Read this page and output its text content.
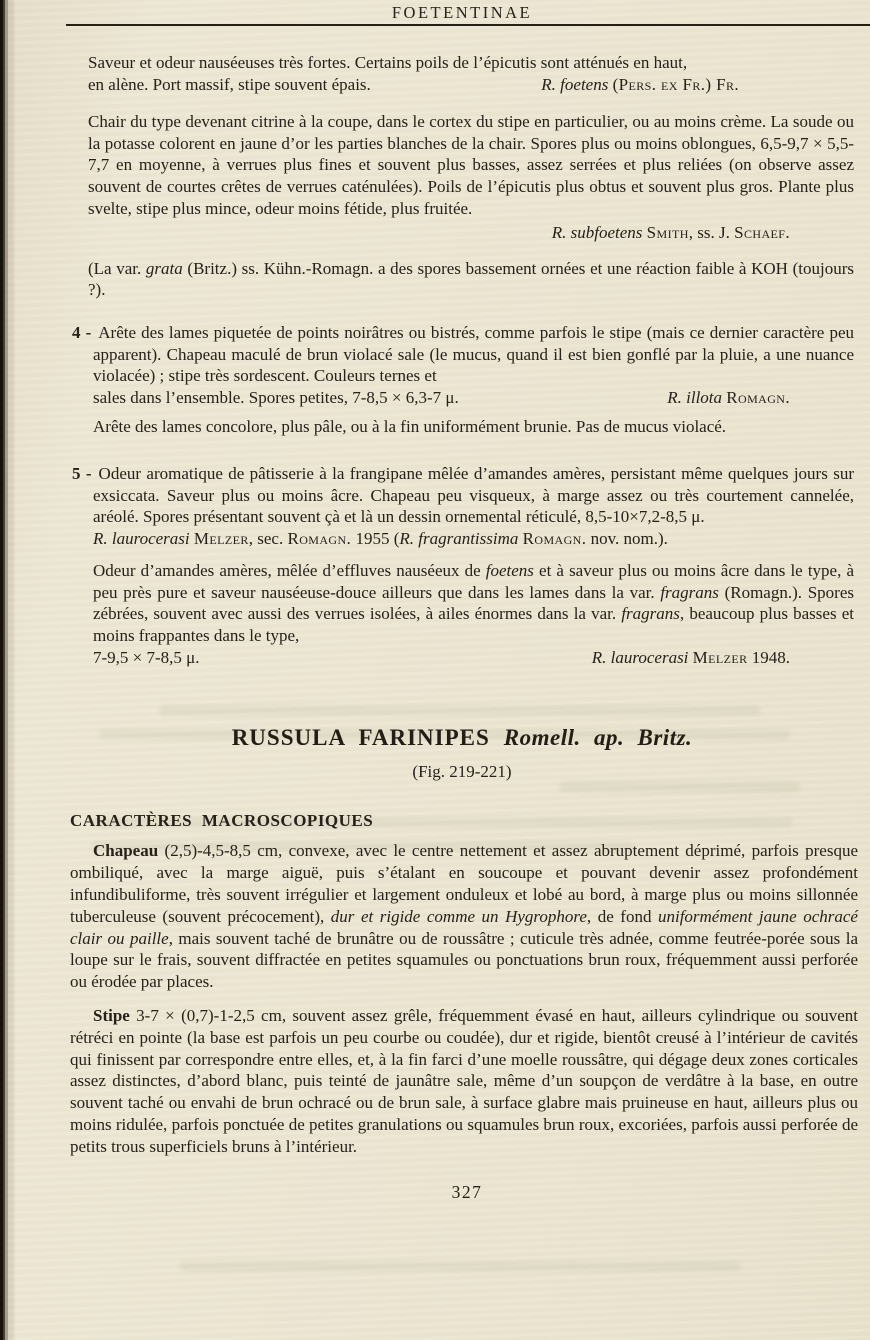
FOETENTINAE
Saveur et odeur nauséeuses très fortes. Certains poils de l’épicutis sont atténués en haut,
en alène. Port massif, stipe souvent épais.	R. foetens (Pers. ex Fr.) Fr.
Chair du type devenant citrine à la coupe, dans le cortex du stipe en particulier, ou au moins crème. La soude ou la potasse colorent en jaune d’or les parties blanches de la chair. Spores plus ou moins oblongues, 6,5-9,7 × 5,5-7,7 en moyenne, à verrues plus fines et souvent plus basses, assez serrées et plus reliées (on observe assez souvent de courtes crêtes de verrues caténulées). Poils de l’épicutis plus obtus et souvent plus gros. Plante plus svelte, stipe plus mince, odeur moins fétide, plus fruitée.
R. subfoetens Smith, ss. J. Schaef.
(La var. grata (Britz.) ss. Kühn.-Romagn. a des spores bassement ornées et une réaction faible à KOH (toujours ?).
4 - Arête des lames piquetée de points noirâtres ou bistrés, comme parfois le stipe (mais ce dernier caractère peu apparent). Chapeau maculé de brun violacé sale (le mucus, quand il est bien gonflé par la pluie, a une nuance violacée) ; stipe très sordescent. Couleurs ternes et
sales dans l’ensemble. Spores petites, 7-8,5 × 6,3-7 μ.	R. illota Romagn.
Arête des lames concolore, plus pâle, ou à la fin uniformément brunie. Pas de mucus violacé.
5 - Odeur aromatique de pâtisserie à la frangipane mêlée d’amandes amères, persistant même quelques jours sur exsiccata. Saveur plus ou moins âcre. Chapeau peu visqueux, à marge assez ou très courtement cannelée, aréolé. Spores présentant souvent çà et là un dessin ornemental réticulé, 8,5-10×7,2-8,5 μ.
R. laurocerasi Melzer, sec. Romagn. 1955 (R. fragrantissima Romagn. nov. nom.).
Odeur d’amandes amères, mêlée d’effluves nauséeux de foetens et à saveur plus ou moins âcre dans le type, à peu près pure et saveur nauséeuse-douce ailleurs que dans les lames dans la var. fragrans (Romagn.). Spores zébrées, souvent avec aussi des verrues isolées, à ailes énormes dans la var. fragrans, beaucoup plus basses et moins frappantes dans le type,
7-9,5 × 7-8,5 μ.	R. laurocerasi Melzer 1948.
RUSSULA FARINIPES Romell. ap. Britz.
(Fig. 219-221)
CARACTÈRES MACROSCOPIQUES
Chapeau (2,5)-4,5-8,5 cm, convexe, avec le centre nettement et assez abruptement déprimé, parfois presque ombiliqué, avec la marge aiguë, puis s’étalant en soucoupe et pouvant devenir assez profondément infundibuliforme, très souvent irrégulier et largement onduleux et lobé au bord, à marge plus ou moins sillonnée tuberculeuse (souvent précocement), dur et rigide comme un Hygrophore, de fond uniformément jaune ochracé clair ou paille, mais souvent taché de brunâtre ou de roussâtre ; cuticule très adnée, comme feutrée-porée sous la loupe sur le frais, souvent diffractée en petites squamules ou ponctuations brun roux, fréquemment aussi perforée ou érodée par places.
Stipe 3-7 × (0,7)-1-2,5 cm, souvent assez grêle, fréquemment évasé en haut, ailleurs cylindrique ou souvent rétréci en pointe (la base est parfois un peu courbe ou coudée), dur et rigide, bientôt creusé à l’intérieur de cavités qui finissent par correspondre entre elles, et, à la fin farci d’une moelle roussâtre, qui dégage deux zones corticales assez distinctes, d’abord blanc, puis teinté de jaunâtre sale, même d’un soupçon de verdâtre à la base, en outre souvent taché ou envahi de brun ochracé ou de brun sale, à surface glabre mais pruineuse en haut, ailleurs plus ou moins ridulée, parfois ponctuée de petites granulations ou squamules brun roux, excoriées, parfois aussi perforée de petits trous superficiels bruns à l’intérieur.
327
